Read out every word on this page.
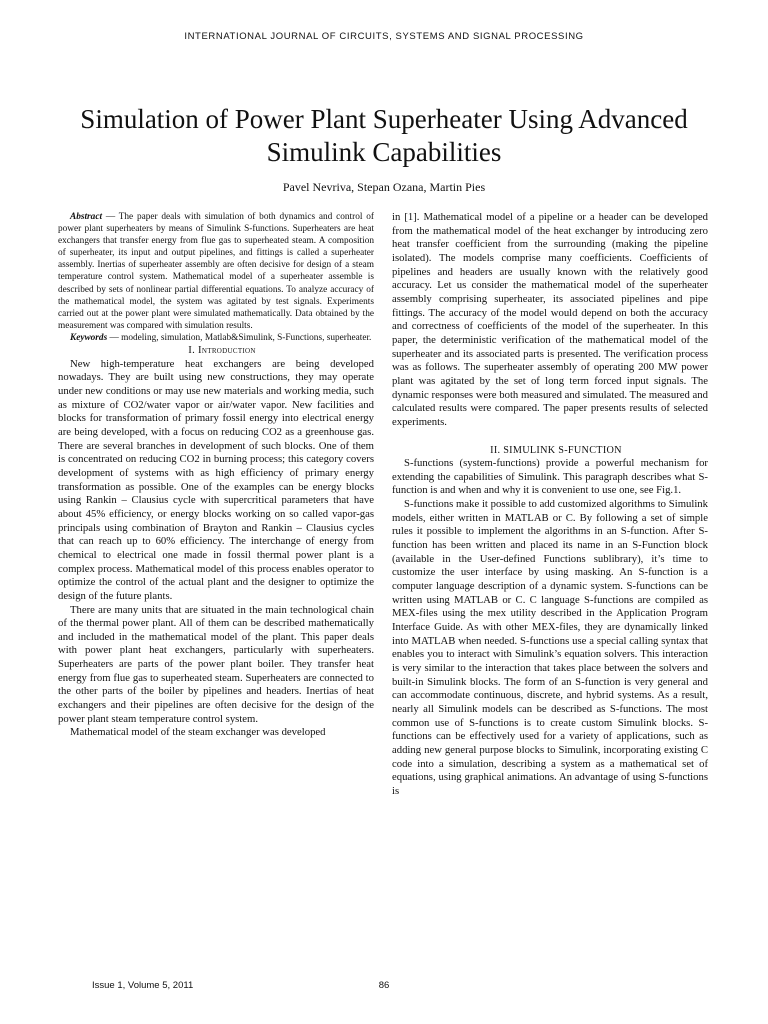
INTERNATIONAL JOURNAL OF CIRCUITS, SYSTEMS AND SIGNAL PROCESSING
Simulation of Power Plant Superheater Using Advanced Simulink Capabilities
Pavel Nevriva, Stepan Ozana, Martin Pies

Abstract — The paper deals with simulation of both dynamics and control of power plant superheaters by means of Simulink S-functions. Superheaters are heat exchangers that transfer energy from flue gas to superheated steam. A composition of superheater, its input and output pipelines, and fittings is called a superheater assembly. Inertias of superheater assembly are often decisive for design of a steam temperature control system. Mathematical model of a superheater assemble is described by sets of nonlinear partial differential equations. To analyze accuracy of the mathematical model, the system was agitated by test signals. Experiments carried out at the power plant were simulated mathematically. Data obtained by the measurement was compared with simulation results.

Keywords — modeling, simulation, Matlab&Simulink, S-Functions, superheater.

I. Introduction

New high-temperature heat exchangers are being developed nowadays. They are built using new constructions, they may operate under new conditions or may use new materials and working media, such as mixture of CO2/water vapor or air/water vapor. New facilities and blocks for transformation of primary fossil energy into electrical energy are being developed, with a focus on reducing CO2 as a greenhouse gas. There are several branches in development of such blocks. One of them is concentrated on reducing CO2 in burning process; this category covers development of systems with as high efficiency of primary energy transformation as possible. One of the examples can be energy blocks using Rankin – Clausius cycle with supercritical parameters that have about 45% efficiency, or energy blocks working on so called vapor-gas principals using combination of Brayton and Rankin – Clausius cycles that can reach up to 60% efficiency. The interchange of energy from chemical to electrical one made in fossil thermal power plant is a complex process. Mathematical model of this process enables operator to optimize the control of the actual plant and the designer to optimize the design of the future plants.

There are many units that are situated in the main technological chain of the thermal power plant. All of them can be described mathematically and included in the mathematical model of the plant. This paper deals with power plant heat exchangers, particularly with superheaters. Superheaters are parts of the power plant boiler. They transfer heat energy from flue gas to superheated steam. Superheaters are connected to the other parts of the boiler by pipelines and headers. Inertias of heat exchangers and their pipelines are often decisive for the design of the power plant steam temperature control system.

Mathematical model of the steam exchanger was developed

in [1]. Mathematical model of a pipeline or a header can be developed from the mathematical model of the heat exchanger by introducing zero heat transfer coefficient from the surrounding (making the pipeline isolated). The models comprise many coefficients. Coefficients of pipelines and headers are usually known with the relatively good accuracy. Let us consider the mathematical model of the superheater assembly comprising superheater, its associated pipelines and pipe fittings. The accuracy of the model would depend on both the accuracy and correctness of coefficients of the model of the superheater. In this paper, the deterministic verification of the mathematical model of the superheater and its associated parts is presented. The verification process was as follows. The superheater assembly of operating 200 MW power plant was agitated by the set of long term forced input signals. The dynamic responses were both measured and simulated. The measured and calculated results were compared. The paper presents results of selected experiments.

II. SIMULINK S-FUNCTION

S-functions (system-functions) provide a powerful mechanism for extending the capabilities of Simulink. This paragraph describes what S-function is and when and why it is convenient to use one, see Fig.1.

S-functions make it possible to add customized algorithms to Simulink models, either written in MATLAB or C. By following a set of simple rules it possible to implement the algorithms in an S-function. After S-function has been written and placed its name in an S-Function block (available in the User-defined Functions sublibrary), it’s time to customize the user interface by using masking. An S-function is a computer language description of a dynamic system. S-functions can be written using MATLAB or C. C language S-functions are compiled as MEX-files using the mex utility described in the Application Program Interface Guide. As with other MEX-files, they are dynamically linked into MATLAB when needed. S-functions use a special calling syntax that enables you to interact with Simulink’s equation solvers. This interaction is very similar to the interaction that takes place between the solvers and built-in Simulink blocks. The form of an S-function is very general and can accommodate continuous, discrete, and hybrid systems. As a result, nearly all Simulink models can be described as S-functions. The most common use of S-functions is to create custom Simulink blocks. S-functions can be effectively used for a variety of applications, such as adding new general purpose blocks to Simulink, incorporating existing C code into a simulation, describing a system as a mathematical set of equations, using graphical animations. An advantage of using S-functions is

Issue 1, Volume 5, 2011	86
